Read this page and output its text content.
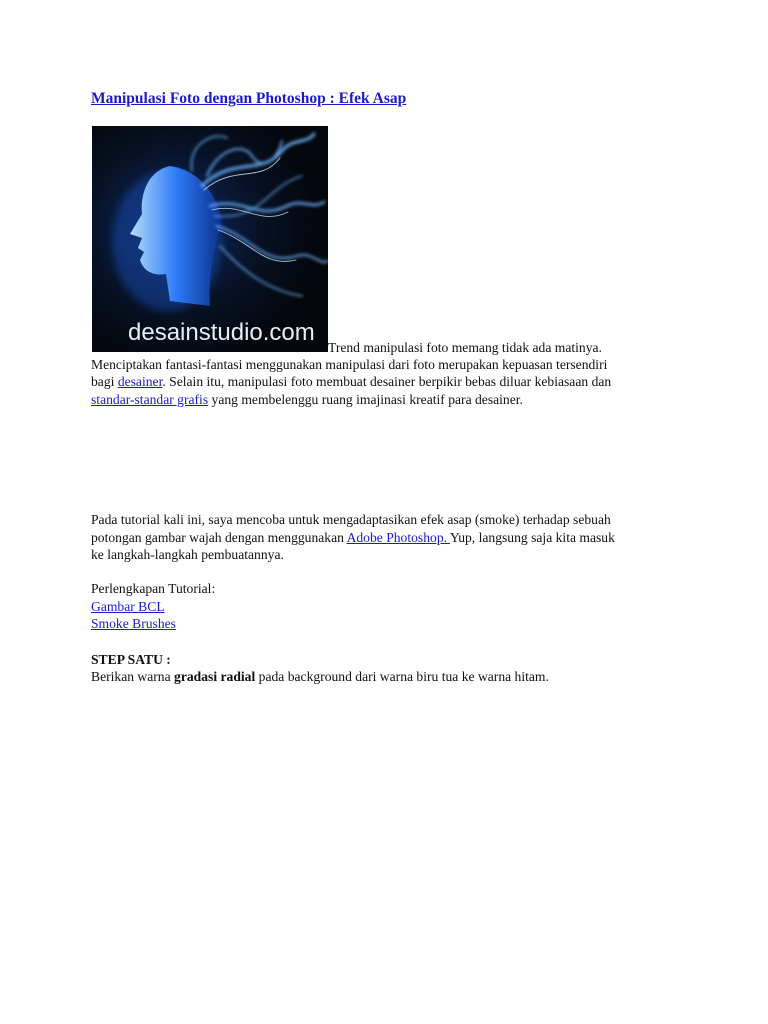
Manipulasi Foto dengan Photoshop : Efek Asap
desainstudio.com
Trend manipulasi foto memang tidak ada matinya.
Menciptakan fantasi-fantasi menggunakan manipulasi dari foto merupakan kepuasan tersendiri
bagi desainer. Selain itu, manipulasi foto membuat desainer berpikir bebas diluar kebiasaan dan
standar-standar grafis yang membelenggu ruang imajinasi kreatif para desainer.
Pada tutorial kali ini, saya mencoba untuk mengadaptasikan efek asap (smoke) terhadap sebuah
potongan gambar wajah dengan menggunakan Adobe Photoshop. Yup, langsung saja kita masuk
ke langkah-langkah pembuatannya.
Perlengkapan Tutorial:
Gambar BCL
Smoke Brushes
STEP SATU :
Berikan warna gradasi radial pada background dari warna biru tua ke warna hitam.
